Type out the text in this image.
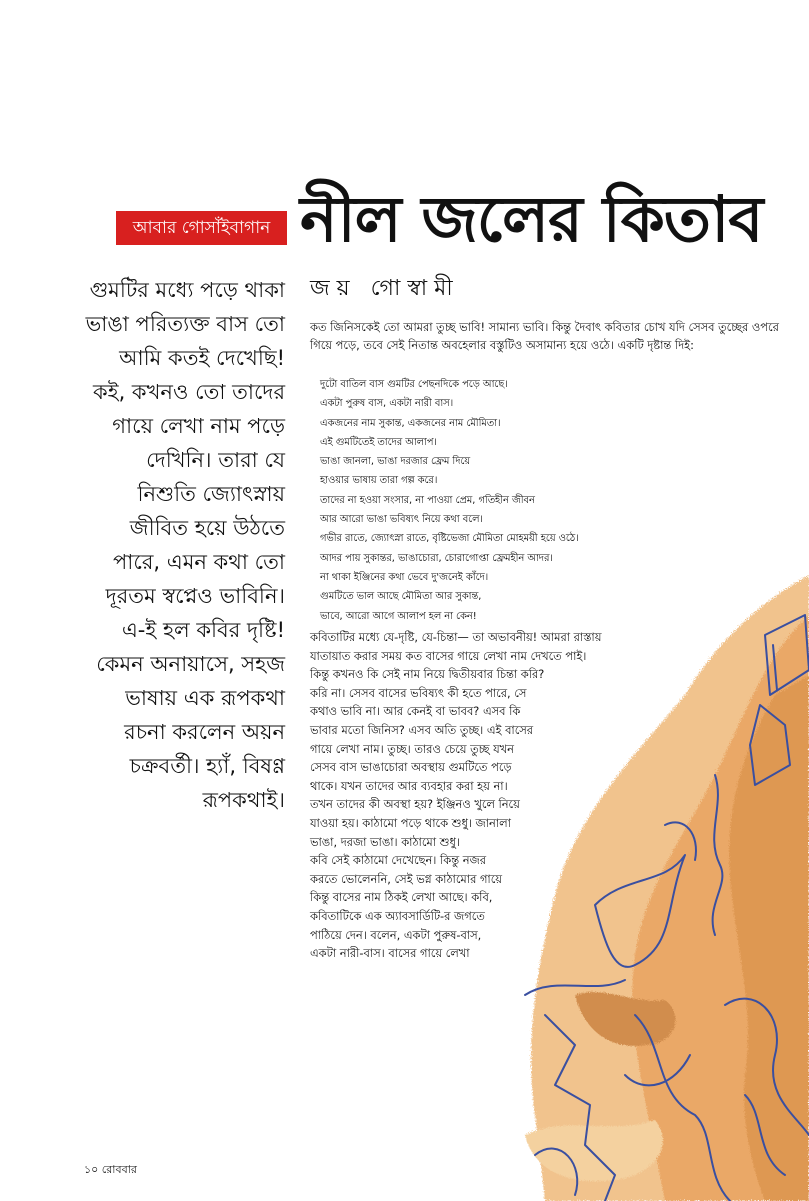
আবার গোসাঁইবাগান নীল জলের কিতাব
গুমটির মধ্যে পড়ে থাকা ভাঙা পরিত্যক্ত বাস তো আমি কতই দেখেছি! কই, কখনও তো তাদের গায়ে লেখা নাম পড়ে দেখিনি। তারা যে নিশুতি জ্যোৎস্নায় জীবিত হয়ে উঠতে পারে, এমন কথা তো দূরতম স্বপ্নেও ভাবিনি। এ-ই হল কবির দৃষ্টি! কেমন অনায়াসে, সহজ ভাষায় এক রূপকথা রচনা করলেন অয়ন চক্রবর্তী। হ্যাঁ, বিষণ্ণ রূপকথাই।
জয় গোস্বামী
কত জিনিসকেই তো আমরা তুচ্ছ ভাবি! সামান্য ভাবি। কিন্তু দৈবাৎ কবিতার চোখ যদি সেসব তুচ্ছের ওপরে গিয়ে পড়ে, তবে সেই নিতান্ত অবহেলার বস্তুটিও অসামান্য হয়ে ওঠে। একটি দৃষ্টান্ত দিই:
দুটো বাতিল বাস গুমটির পেছনদিকে পড়ে আছে।
একটা পুরুষ বাস, একটা নারী বাস।
একজনের নাম সুকান্ত, একজনের নাম মৌমিতা।
এই গুমটিতেই তাদের আলাপ।
ভাঙা জানলা, ভাঙা দরজার ফ্রেম দিয়ে
হাওয়ার ভাষায় তারা গল্প করে।
তাদের না হওয়া সংসার, না পাওয়া প্রেম, গতিহীন জীবন
আর আরো ভাঙা ভবিষ্যৎ নিয়ে কথা বলে।
গভীর রাতে, জ্যোৎস্না রাতে, বৃষ্টিভেজা মৌমিতা মোহময়ী হয়ে ওঠে।
আদর পায় সুকান্তর, ভাঙাচোরা, চোরাগোপ্তা ফ্রেমহীন আদর।
না থাকা ইঞ্জিনের কথা ভেবে দু'জনেই কাঁদে।
গুমটিতে ভাল আছে মৌমিতা আর সুকান্ত,
ভাবে, আরো আগে আলাপ হল না কেন!
কবিতাটির মধ্যে যে-দৃষ্টি, যে-চিন্তা— তা অভাবনীয়! আমরা রাস্তায়
যাতায়াত করার সময় কত বাসের গায়ে লেখা নাম দেখতে পাই।
কিন্তু কখনও কি সেই নাম নিয়ে দ্বিতীয়বার চিন্তা করি?
করি না। সেসব বাসের ভবিষ্যৎ কী হতে পারে, সে
কথাও ভাবি না। আর কেনই বা ভাবব? এসব কি
ভাবার মতো জিনিস? এসব অতি তুচ্ছ। এই বাসের
গায়ে লেখা নাম। তুচ্ছ। তারও চেয়ে তুচ্ছ যখন
সেসব বাস ভাঙাচোরা অবস্থায় গুমটিতে পড়ে
থাকে। যখন তাদের আর ব্যবহার করা হয় না।
তখন তাদের কী অবস্থা হয়? ইঞ্জিনও খুলে নিয়ে
যাওয়া হয়। কাঠামো পড়ে থাকে শুধু। জানালা
ভাঙা, দরজা ভাঙা। কাঠামো শুধু।
কবি সেই কাঠামো দেখেছেন। কিন্তু নজর
করতে ভোলেননি, সেই ভগ্ন কাঠামোর গায়ে
কিন্তু বাসের নাম ঠিকই লেখা আছে। কবি,
কবিতাটিকে এক অ্যাবসার্ডিটি-র জগতে
পাঠিয়ে দেন। বলেন, একটা পুরুষ-বাস,
একটা নারী-বাস। বাসের গায়ে লেখা
১০ রোববার
